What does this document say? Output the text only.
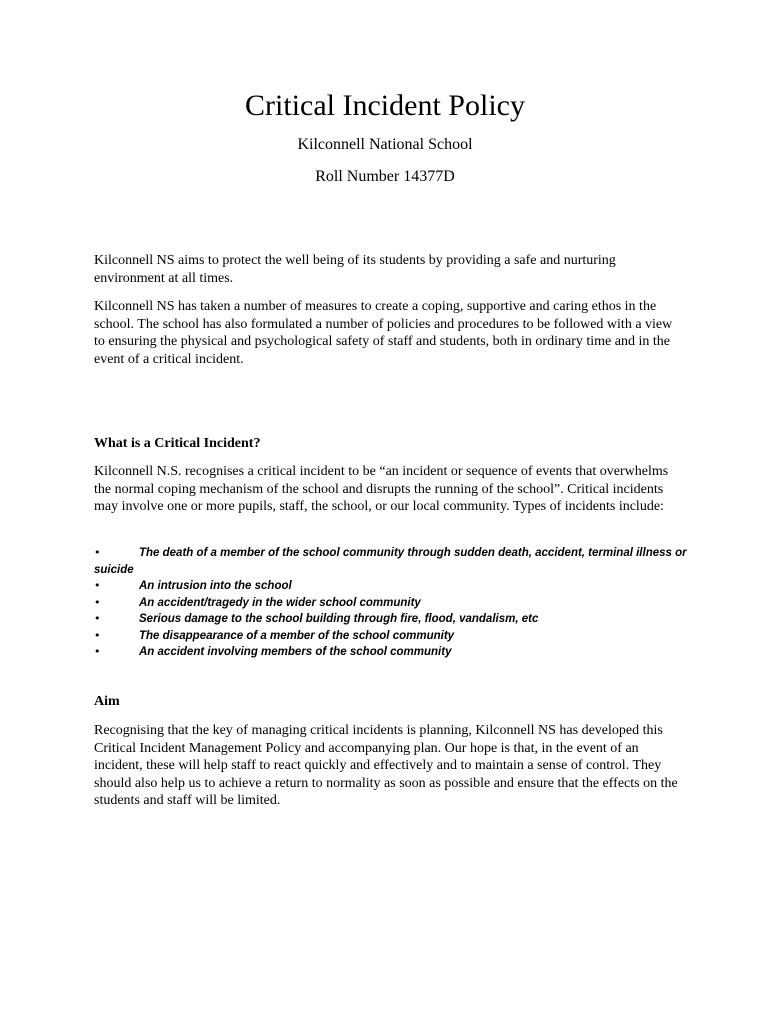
Critical Incident Policy
Kilconnell National School
Roll Number 14377D
Kilconnell NS aims to protect the well being of its students by providing a safe and nurturing environment at all times.
Kilconnell NS has taken a number of measures to create a coping, supportive and caring ethos in the school. The school has also formulated a number of policies and procedures to be followed with a view to ensuring the physical and psychological safety of staff and students, both in ordinary time and in the event of a critical incident.
What is a Critical Incident?
Kilconnell N.S. recognises a critical incident to be “an incident or sequence of events that overwhelms the normal coping mechanism of the school and disrupts the running of the school”. Critical incidents may involve one or more pupils, staff, the school, or our local community. Types of incidents include:
•	The death of a member of the school community through sudden death, accident, terminal illness or suicide
•	An intrusion into the school
•	An accident/tragedy in the wider school community
•	Serious damage to the school building through fire, flood, vandalism, etc
•	The disappearance of a member of the school community
•	An accident involving members of the school community
Aim
Recognising that the key of managing critical incidents is planning, Kilconnell NS has developed this Critical Incident Management Policy and accompanying plan. Our hope is that, in the event of an incident, these will help staff to react quickly and effectively and to maintain a sense of control. They should also help us to achieve a return to normality as soon as possible and ensure that the effects on the students and staff will be limited.
